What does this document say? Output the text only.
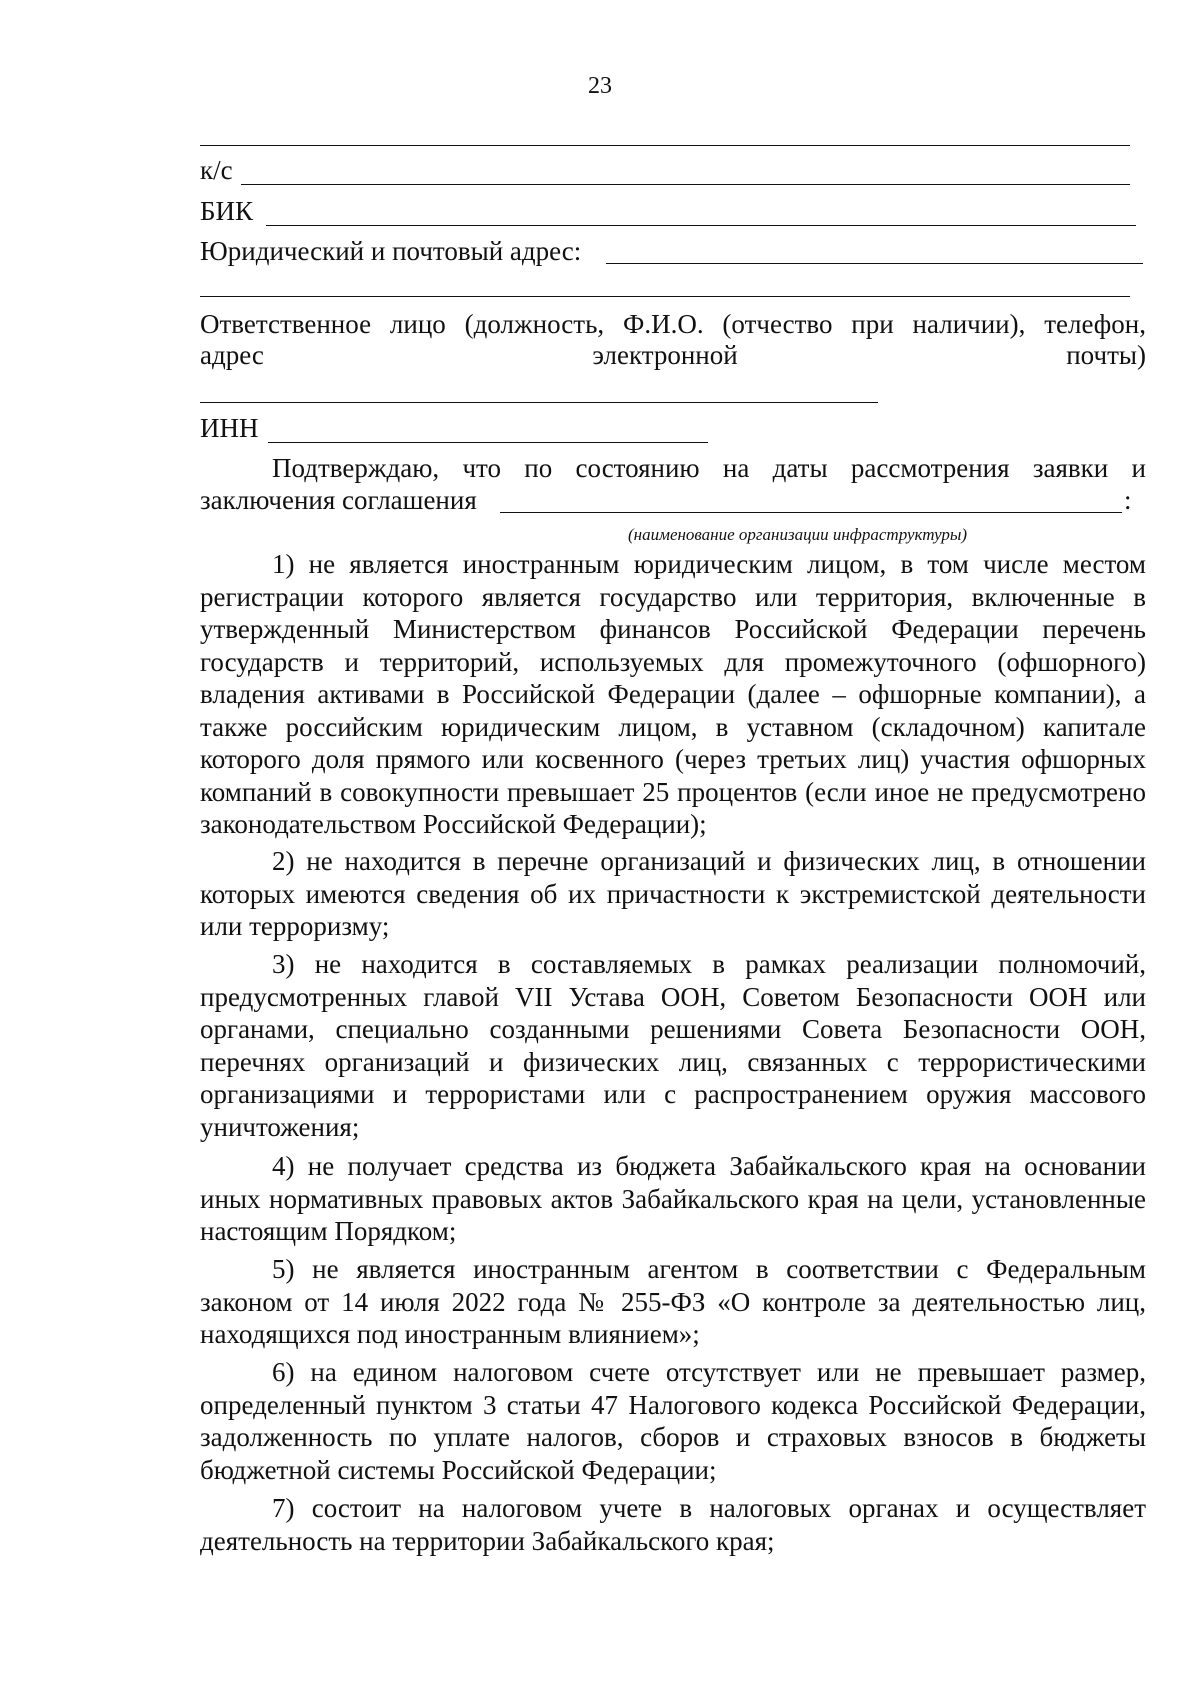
23
к/с
БИК
Юридический и почтовый адрес:
Ответственное лицо (должность, Ф.И.О. (отчество при наличии), телефон,
адрес	электронной	почты)
ИНН
Подтверждаю, что по состоянию на даты рассмотрения заявки и
заключения соглашения	:
(наименование организации инфраструктуры)
1) не является иностранным юридическим лицом, в том числе местом регистрации которого является государство или территория, включенные в утвержденный Министерством финансов Российской Федерации перечень государств и территорий, используемых для промежуточного (офшорного) владения активами в Российской Федерации (далее – офшорные компании), а также российским юридическим лицом, в уставном (складочном) капитале которого доля прямого или косвенного (через третьих лиц) участия офшорных компаний в совокупности превышает 25 процентов (если иное не предусмотрено законодательством Российской Федерации);
2) не находится в перечне организаций и физических лиц, в отношении которых имеются сведения об их причастности к экстремистской деятельности или терроризму;
3) не находится в составляемых в рамках реализации полномочий, предусмотренных главой VII Устава ООН, Советом Безопасности ООН или органами, специально созданными решениями Совета Безопасности ООН, перечнях организаций и физических лиц, связанных с террористическими организациями и террористами или с распространением оружия массового уничтожения;
4) не получает средства из бюджета Забайкальского края на основании иных нормативных правовых актов Забайкальского края на цели, установленные настоящим Порядком;
5) не является иностранным агентом в соответствии с Федеральным законом от 14 июля 2022 года № 255-ФЗ «О контроле за деятельностью лиц, находящихся под иностранным влиянием»;
6) на едином налоговом счете отсутствует или не превышает размер, определенный пунктом 3 статьи 47 Налогового кодекса Российской Федерации, задолженность по уплате налогов, сборов и страховых взносов в бюджеты бюджетной системы Российской Федерации;
7) состоит на налоговом учете в налоговых органах и осуществляет деятельность на территории Забайкальского края;
